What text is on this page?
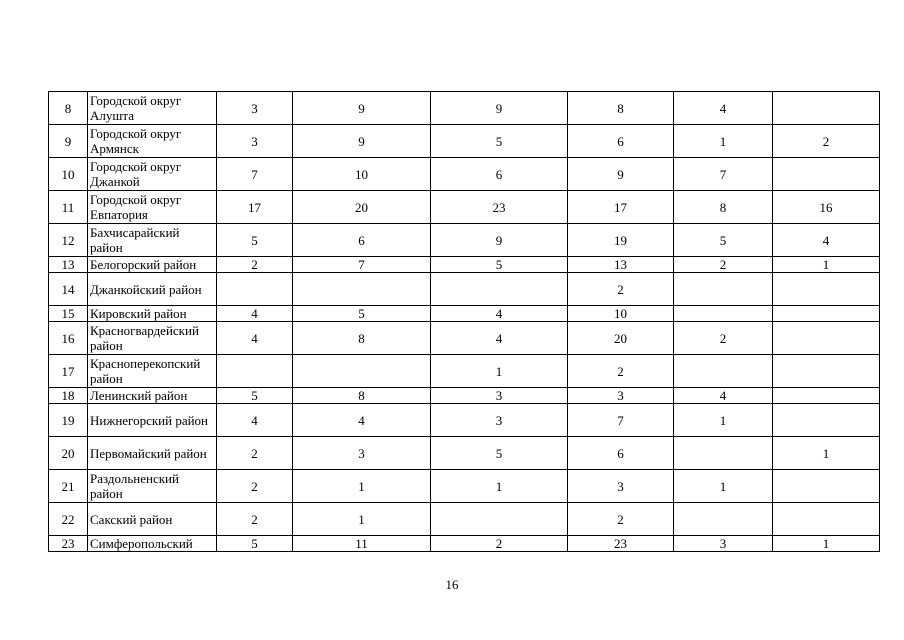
8	Городской округ Алушта	3	9	9	8	4	
9	Городской округ Армянск	3	9	5	6	1	2
10	Городской округ Джанкой	7	10	6	9	7	
11	Городской округ Евпатория	17	20	23	17	8	16
12	Бахчисарайский район	5	6	9	19	5	4
13	Белогорский район	2	7	5	13	2	1
14	Джанкойский район				2		
15	Кировский район	4	5	4	10		
16	Красногвардейский район	4	8	4	20	2	
17	Красноперекопский район			1	2		
18	Ленинский район	5	8	3	3	4	
19	Нижнегорский район	4	4	3	7	1	
20	Первомайский район	2	3	5	6		1
21	Раздольненский район	2	1	1	3	1	
22	Сакский район	2	1		2		
23	Симферопольский	5	11	2	23	3	1
16
